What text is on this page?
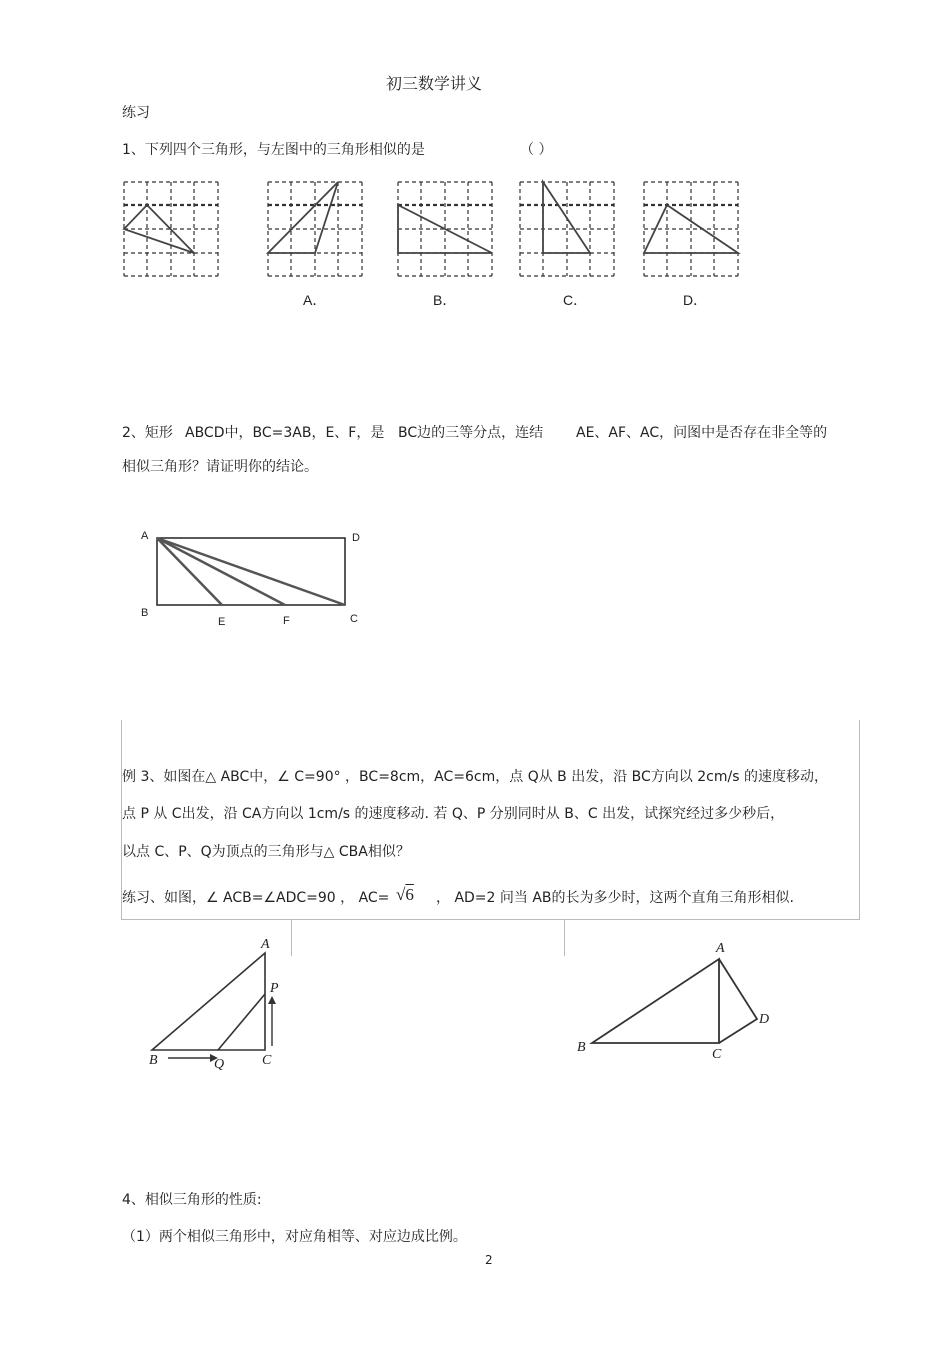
初三数学讲义
练习
1、下列四个三角形，与左图中的三角形相似的是	（ ）
A．	B．	C．	D．
2、矩形 ABCD中，BC=3AB，E、F，是 BC边的三等分点，连结 AE、AF、AC，问图中是否存在非全等的
相似三角形？请证明你的结论。
A	D
B
E	F	C
例 3、如图在△ ABC中，∠ C=90° ，BC=8cm，AC=6cm，点 Q从 B 出发，沿 BC方向以 2cm/s 的速度移动，
点 P 从 C出发，沿 CA方向以 1cm/s 的速度移动. 若 Q、P 分别同时从 B、C 出发，试探究经过多少秒后，
以点 C、P、Q为顶点的三角形与△ CBA相似？
练习、如图，∠ ACB=∠ADC=90 ， AC= √6 ， AD=2 问当 AB的长为多少时，这两个直角三角形相似.
A
P
B	Q	C
A
D
B	C
4、相似三角形的性质:
（1）两个相似三角形中，对应角相等、对应边成比例。
2
